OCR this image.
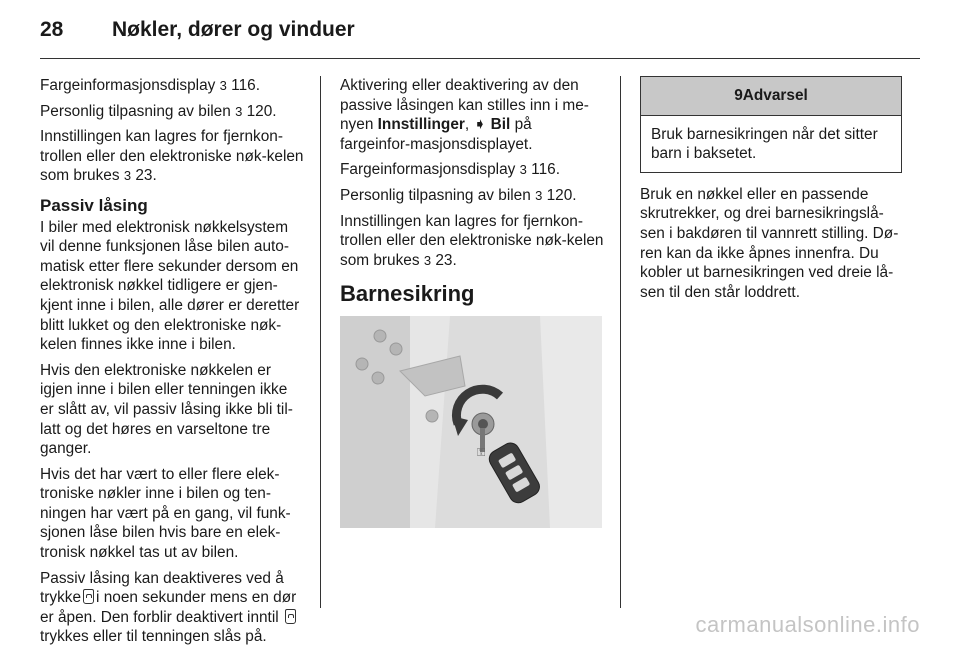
28 Nøkler, dører og vinduer

Fargeinformasjonsdisplay 3 116.

Personlig tilpasning av bilen 3 120.

Innstillingen kan lagres for fjernkon-trollen eller den elektroniske nøk-kelen som brukes 3 23.

Passiv låsing

I biler med elektronisk nøkkelsystem vil denne funksjonen låse bilen auto-matisk etter flere sekunder dersom en elektronisk nøkkel tidligere er gjen-kjent inne i bilen, alle dører er deretter blitt lukket og den elektroniske nøk-kelen finnes ikke inne i bilen.

Hvis den elektroniske nøkkelen er igjen inne i bilen eller tenningen ikke er slått av, vil passiv låsing ikke bli til-latt og det høres en varseltone tre ganger.

Hvis det har vært to eller flere elek-troniske nøkler inne i bilen og ten-ningen har vært på en gang, vil funk-sjonen låse bilen hvis bare en elek-tronisk nøkkel tas ut av bilen.

Passiv låsing kan deaktiveres ved å trykke i noen sekunder mens en dør er åpen. Den forblir deaktivert inntil  trykkes eller til tenningen slås på.

Aktivering eller deaktivering av den passive låsingen kan stilles inn i me-nyen Innstillinger, ➧ Bil på fargeinfor-masjonsdisplayet.

Fargeinformasjonsdisplay 3 116.

Personlig tilpasning av bilen 3 120.

Innstillingen kan lagres for fjernkon-trollen eller den elektroniske nøk-kelen som brukes 3 23.

Barnesikring
⚿
9Advarsel
Bruk barnesikringen når det sitter barn i baksetet.

Bruk en nøkkel eller en passende skrutrekker, og drei barnesikringslå-sen i bakdøren til vannrett stilling. Dø-ren kan da ikke åpnes innenfra. Du kobler ut barnesikringen ved dreie lå-sen til den står loddrett.

carmanualsonline.info
